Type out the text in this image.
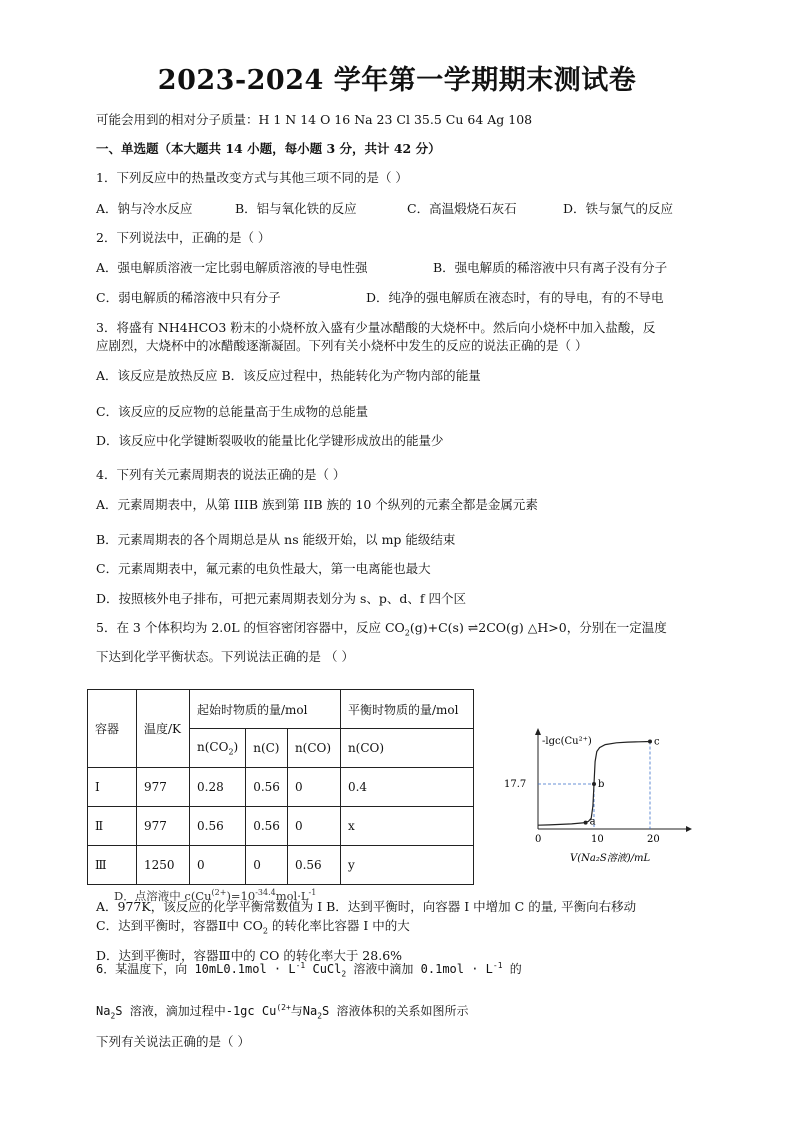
2023-2024 学年第一学期期末测试卷
可能会用到的相对分子质量：H 1 N 14 O 16 Na 23 Cl 35.5 Cu 64 Ag 108
一、单选题（本大题共 14 小题，每小题 3 分，共计 42 分）
1．下列反应中的热量改变方式与其他三项不同的是（ ）
A．钠与冷水反应	B．铝与氧化铁的反应	C．高温煅烧石灰石	D．铁与氯气的反应
2．下列说法中，正确的是（ ）
A．强电解质溶液一定比弱电解质溶液的导电性强	B．强电解质的稀溶液中只有离子没有分子
C．弱电解质的稀溶液中只有分子	D．纯净的强电解质在液态时，有的导电，有的不导电
3．将盛有 NH4HCO3 粉末的小烧杯放入盛有少量冰醋酸的大烧杯中。然后向小烧杯中加入盐酸，反
应剧烈，大烧杯中的冰醋酸逐渐凝固。下列有关小烧杯中发生的反应的说法正确的是（ ）
A．该反应是放热反应 B．该反应过程中，热能转化为产物内部的能量
C．该反应的反应物的总能量高于生成物的总能量
D．该反应中化学键断裂吸收的能量比化学键形成放出的能量少
4．下列有关元素周期表的说法正确的是（ ）
A．元素周期表中，从第 IIIB 族到第 IIB 族的 10 个纵列的元素全都是金属元素
B．元素周期表的各个周期总是从 ns 能级开始，以 mp 能级结束
C．元素周期表中，氟元素的电负性最大，第一电离能也最大
D．按照核外电子排布，可把元素周期表划分为 s、p、d、f 四个区
5．在 3 个体积均为 2.0L 的恒容密闭容器中，反应 $CO_2(g)+C(s)$ ⇌2CO(g) △H>0，分别在一定温度
下达到化学平衡状态。下列说法正确的是 （ ）
容器	温度/K	起始时物质的量/mol			平衡时物质的量/mol
		$n(CO_2)$	n(C)	n(CO)	n(CO)
I	977	0.28	0.56	0	0.4
Ⅱ	977	0.56	0.56	0	x
Ⅲ	1250	0	0	0.56	y
D．点溶液中 $c(Cu^{(2+})=10^{-34.4}mol\cdot L^{-1}$
A．977K，该反应的化学平衡常数值为 I B．达到平衡时，向容器 I 中增加 C 的量, 平衡向右移动
C．达到平衡时，容器Ⅱ中 $CO_2$ 的转化率比容器 I 中的大
D．达到平衡时，容器Ⅲ中的 CO 的转化率大于 28.6%
6．某温度下，向 $10mL0.1mol \cdot L^{-1}$ CuCl$_2$ 溶液中滴加 $0.1mol \cdot L^{-1}$ 的
$Na_2S$ 溶液，滴加过程中-1gc $Cu^{(2+}$与$Na_2S$ 溶液体积的关系如图所示
下列有关说法正确的是（ ）
-lgc(Cu²⁺)
V(Na₂S溶液)/mL
0	10	20
17.7
a
b
c
